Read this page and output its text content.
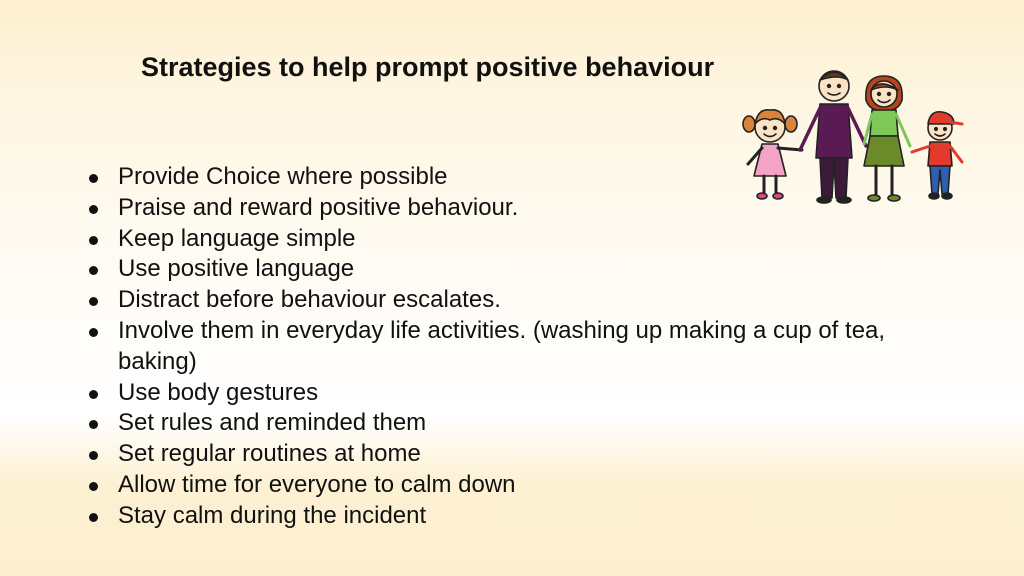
Strategies to help prompt positive behaviour
Provide Choice where possible
Praise and reward positive behaviour.
Keep language simple
Use positive language
Distract before behaviour escalates.
Involve them in everyday life activities. (washing up making a cup of tea, baking)
Use body gestures
Set rules and reminded them
Set regular routines at home
Allow time for everyone to calm down
Stay calm during the incident
